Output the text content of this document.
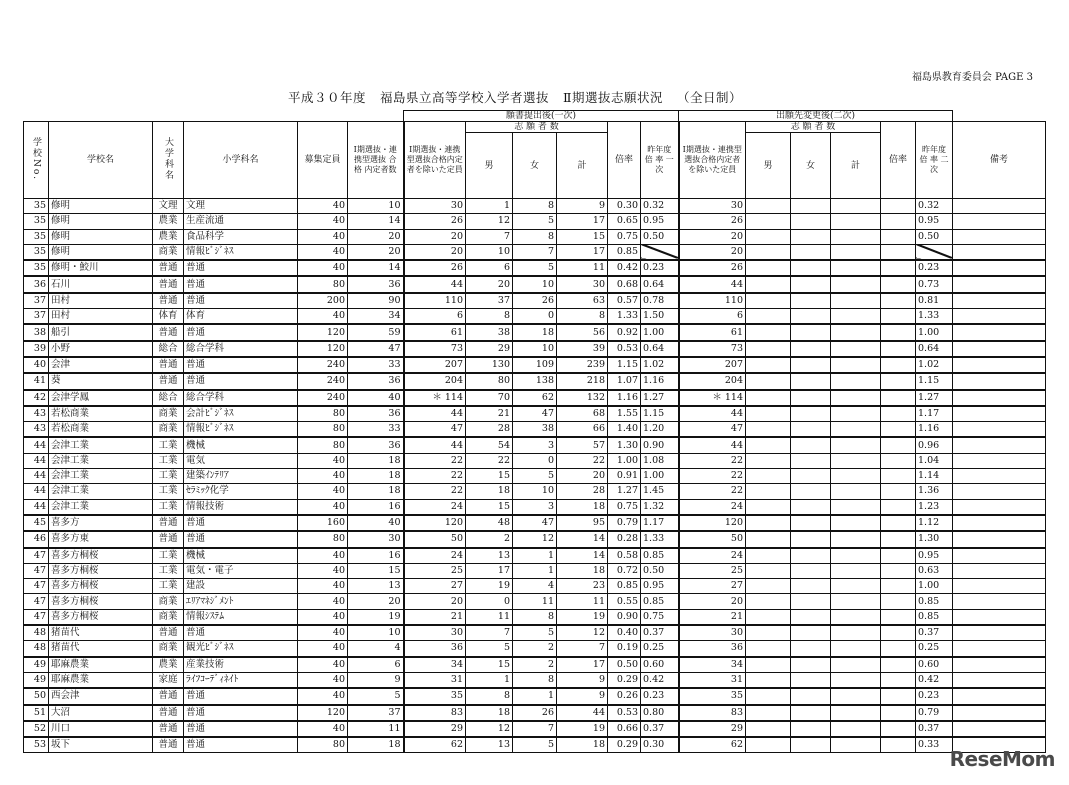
福島県教育委員会 PAGE 3
平成３０年度 福島県立高等学校入学者選抜 Ⅱ期選抜志願状況 （全日制）
						願書提出後(一次)						出願先変更後(二次)						
学校No.	学校名	大学科名	小学科名	募集定員	Ⅰ期選抜・連携型選抜 合 格 内定者数	Ⅰ期選抜・連携型選抜合格内定者を除いた定員	志 願 者 数			倍率	昨年度 倍 率 一 次	Ⅰ期選抜・連携型選抜合格内定者を除いた定員	志 願 者 数			倍率	昨年度 倍 率 二 次	備考
							男	女	計				男	女	計			
35	修明	文理	文理	40	10	30	1	8	9	0.30	0.32	30					0.32	
35	修明	農業	生産流通	40	14	26	12	5	17	0.65	0.95	26					0.95	
35	修明	農業	食品科学	40	20	20	7	8	15	0.75	0.50	20					0.50	
35	修明	商業	情報ﾋﾞｼﾞﾈｽ	40	20	20	10	7	17	0.85		20						
35	修明・鮫川	普通	普通	40	14	26	6	5	11	0.42	0.23	26					0.23	
36	石川	普通	普通	80	36	44	20	10	30	0.68	0.64	44					0.73	
37	田村	普通	普通	200	90	110	37	26	63	0.57	0.78	110					0.81	
37	田村	体育	体育	40	34	6	8	0	8	1.33	1.50	6					1.33	
38	船引	普通	普通	120	59	61	38	18	56	0.92	1.00	61					1.00	
39	小野	総合	総合学科	120	47	73	29	10	39	0.53	0.64	73					0.64	
40	会津	普通	普通	240	33	207	130	109	239	1.15	1.02	207					1.02	
41	葵	普通	普通	240	36	204	80	138	218	1.07	1.16	204					1.15	
42	会津学鳳	総合	総合学科	240	40	＊ 114	70	62	132	1.16	1.27	＊ 114					1.27	
43	若松商業	商業	会計ﾋﾞｼﾞﾈｽ	80	36	44	21	47	68	1.55	1.15	44					1.17	
43	若松商業	商業	情報ﾋﾞｼﾞﾈｽ	80	33	47	28	38	66	1.40	1.20	47					1.16	
44	会津工業	工業	機械	80	36	44	54	3	57	1.30	0.90	44					0.96	
44	会津工業	工業	電気	40	18	22	22	0	22	1.00	1.08	22					1.04	
44	会津工業	工業	建築ｲﾝﾃﾘｱ	40	18	22	15	5	20	0.91	1.00	22					1.14	
44	会津工業	工業	ｾﾗﾐｯｸ化学	40	18	22	18	10	28	1.27	1.45	22					1.36	
44	会津工業	工業	情報技術	40	16	24	15	3	18	0.75	1.32	24					1.23	
45	喜多方	普通	普通	160	40	120	48	47	95	0.79	1.17	120					1.12	
46	喜多方東	普通	普通	80	30	50	2	12	14	0.28	1.33	50					1.30	
47	喜多方桐桜	工業	機械	40	16	24	13	1	14	0.58	0.85	24					0.95	
47	喜多方桐桜	工業	電気・電子	40	15	25	17	1	18	0.72	0.50	25					0.63	
47	喜多方桐桜	工業	建設	40	13	27	19	4	23	0.85	0.95	27					1.00	
47	喜多方桐桜	商業	ｴﾘｱﾏﾈｼﾞﾒﾝﾄ	40	20	20	0	11	11	0.55	0.85	20					0.85	
47	喜多方桐桜	商業	情報ｼｽﾃﾑ	40	19	21	11	8	19	0.90	0.75	21					0.85	
48	猪苗代	普通	普通	40	10	30	7	5	12	0.40	0.37	30					0.37	
48	猪苗代	商業	観光ﾋﾞｼﾞﾈｽ	40	4	36	5	2	7	0.19	0.25	36					0.25	
49	耶麻農業	農業	産業技術	40	6	34	15	2	17	0.50	0.60	34					0.60	
49	耶麻農業	家庭	ﾗｲﾌｺｰﾃﾞｨﾈｲﾄ	40	9	31	1	8	9	0.29	0.42	31					0.42	
50	西会津	普通	普通	40	5	35	8	1	9	0.26	0.23	35					0.23	
51	大沼	普通	普通	120	37	83	18	26	44	0.53	0.80	83					0.79	
52	川口	普通	普通	40	11	29	12	7	19	0.66	0.37	29					0.37	
53	坂下	普通	普通	80	18	62	13	5	18	0.29	0.30	62					0.33	
ReseMom
